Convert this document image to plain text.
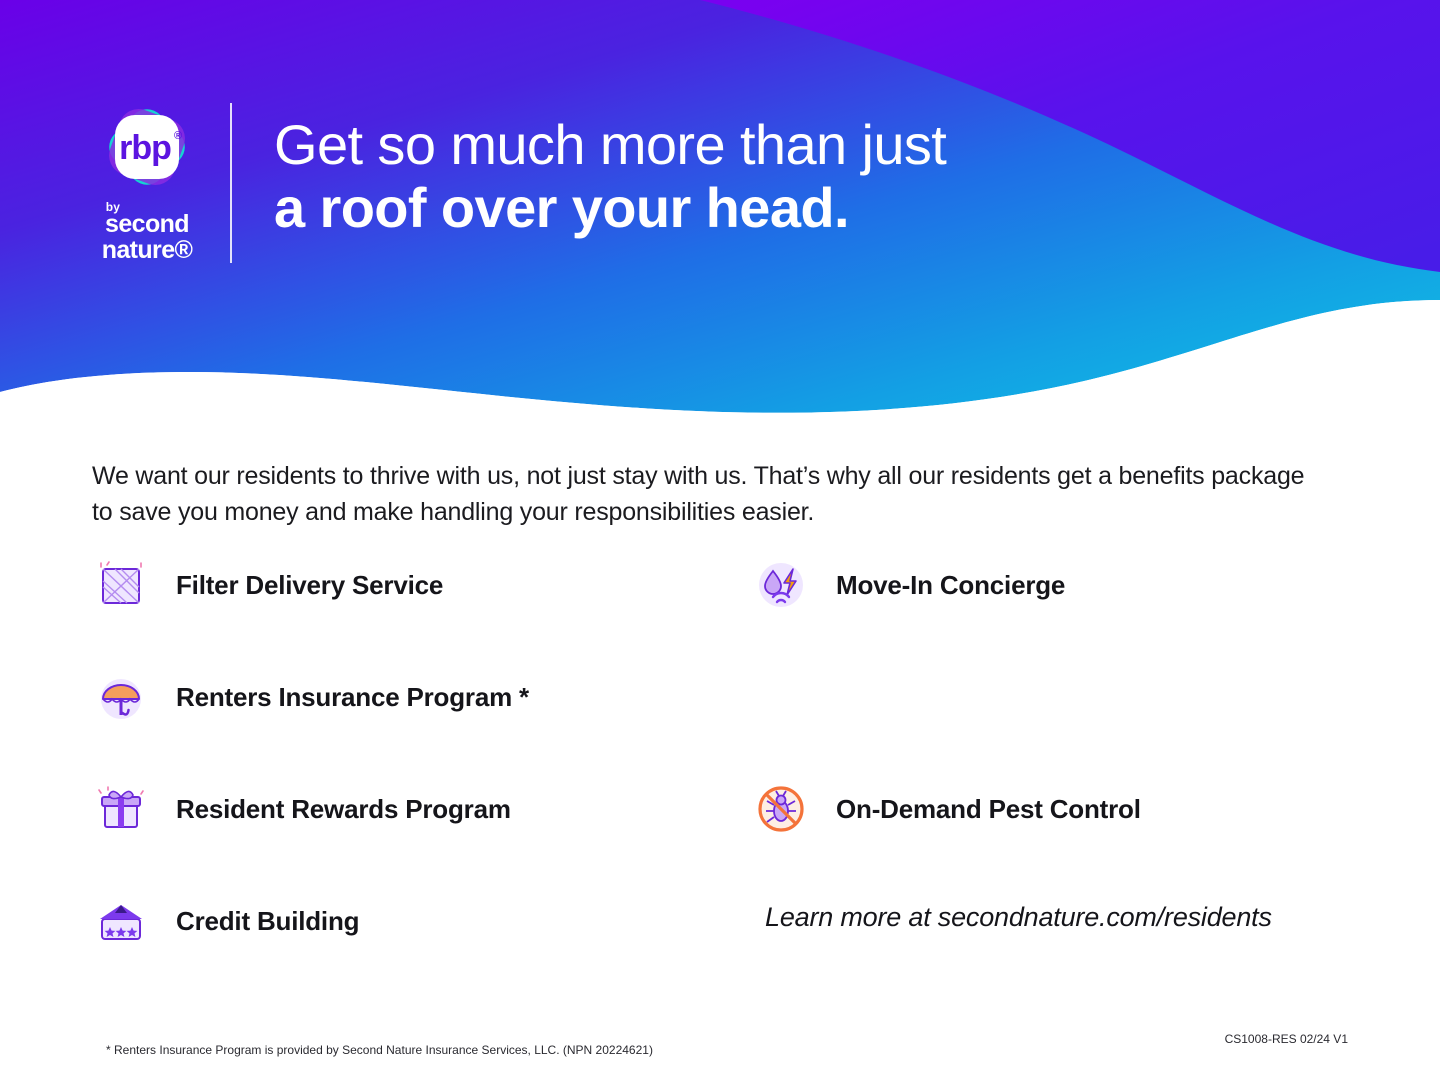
rbp ®
by
second
nature®
Get so much more than just
a roof over your head.

We want our residents to thrive with us, not just stay with us. That’s why all our residents get a benefits package to save you money and make handling your responsibilities easier.

Filter Delivery Service
Renters Insurance Program *
Resident Rewards Program
Credit Building
Move-In Concierge
On-Demand Pest Control
Learn more at secondnature.com/residents
* Renters Insurance Program is provided by Second Nature Insurance Services, LLC. (NPN 20224621)
CS1008-RES 02/24 V1
